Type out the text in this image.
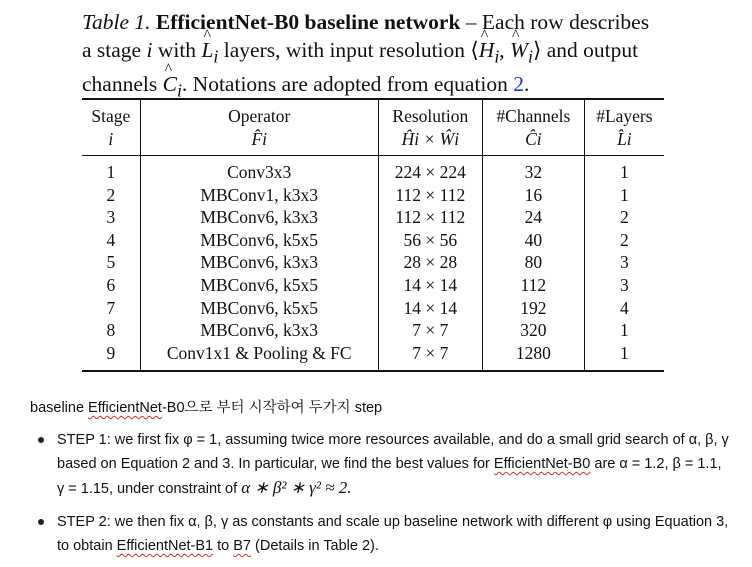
Table 1. EfficientNet-B0 baseline network – Each row describes
a stage i with ^ $L_i$ layers, with input resolution ⟨^ $H_i$, ^ $W_i⟩$ and output
channels ^ $C_i$. Notations are adopted from equation 2.
Stage	Operator	Resolution	#Channels	#Layers
i	F̂i	Ĥi × Ŵi	Ĉi	L̂i
1	Conv3x3	224 × 224	32	1
2	MBConv1, k3x3	112 × 112	16	1
3	MBConv6, k3x3	112 × 112	24	2
4	MBConv6, k5x5	56 × 56	40	2
5	MBConv6, k3x3	28 × 28	80	3
6	MBConv6, k5x5	14 × 14	112	3
7	MBConv6, k5x5	14 × 14	192	4
8	MBConv6, k3x3	7 × 7	320	1
9	Conv1x1 & Pooling & FC	7 × 7	1280	1
baseline EfficientNet-B0으로 부터 시작하여 두가지 step
STEP 1: we first fix φ = 1, assuming twice more resources available, and do a small grid search of α, β, γ based on Equation 2 and 3. In particular, we find the best values for EfficientNet-B0 are α = 1.2, β = 1.1, γ = 1.15, under constraint of α ∗ β² ∗ γ² ≈ 2.
STEP 2: we then fix α, β, γ as constants and scale up baseline network with different φ using Equation 3, to obtain EfficientNet-B1 to B7 (Details in Table 2).
